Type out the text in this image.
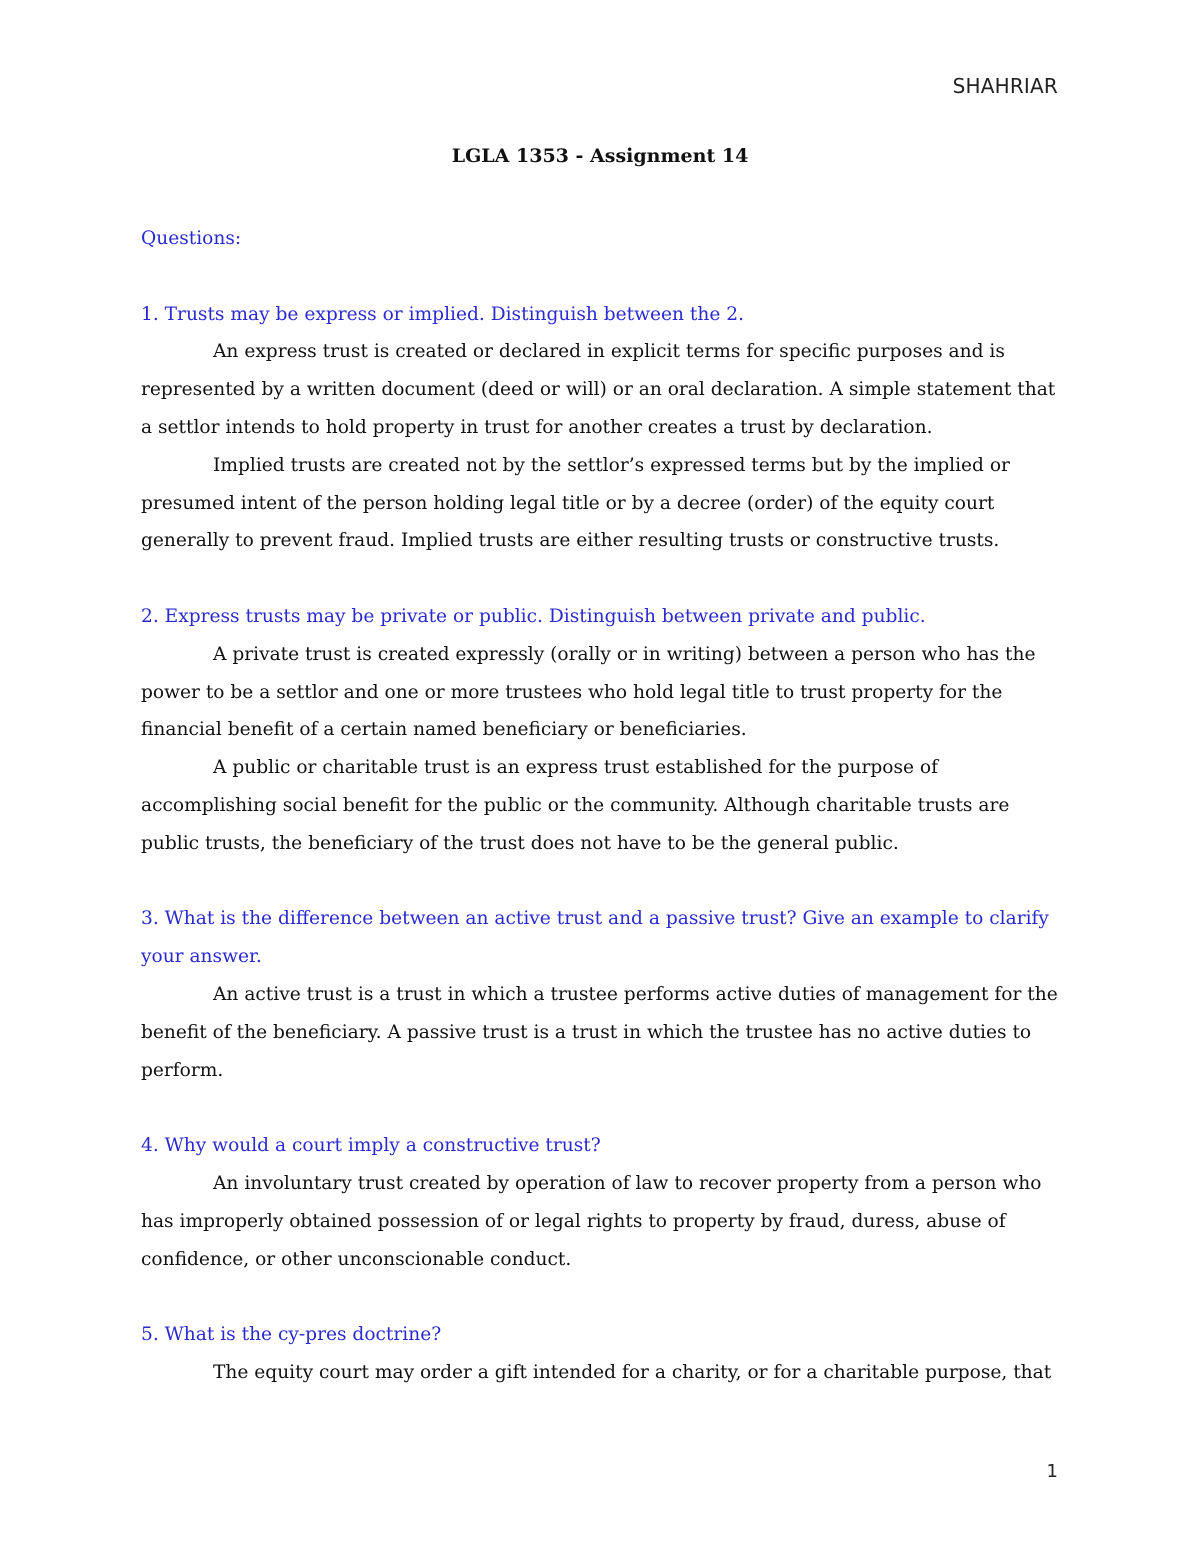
SHAHRIAR
LGLA 1353 - Assignment 14

Questions:

1. Trusts may be express or implied. Distinguish between the 2.

An express trust is created or declared in explicit terms for specific purposes and is represented by a written document (deed or will) or an oral declaration. A simple statement that a settlor intends to hold property in trust for another creates a trust by declaration.

Implied trusts are created not by the settlor’s expressed terms but by the implied or presumed intent of the person holding legal title or by a decree (order) of the equity court generally to prevent fraud. Implied trusts are either resulting trusts or constructive trusts.

2. Express trusts may be private or public. Distinguish between private and public.

A private trust is created expressly (orally or in writing) between a person who has the power to be a settlor and one or more trustees who hold legal title to trust property for the financial benefit of a certain named beneficiary or beneficiaries.

A public or charitable trust is an express trust established for the purpose of accomplishing social benefit for the public or the community. Although charitable trusts are public trusts, the beneficiary of the trust does not have to be the general public.

3. What is the difference between an active trust and a passive trust? Give an example to clarify your answer.

An active trust is a trust in which a trustee performs active duties of management for the benefit of the beneficiary. A passive trust is a trust in which the trustee has no active duties to perform.

4. Why would a court imply a constructive trust?

An involuntary trust created by operation of law to recover property from a person who has improperly obtained possession of or legal rights to property by fraud, duress, abuse of confidence, or other unconscionable conduct.

5. What is the cy-pres doctrine?

The equity court may order a gift intended for a charity, or for a charitable purpose, that

1
